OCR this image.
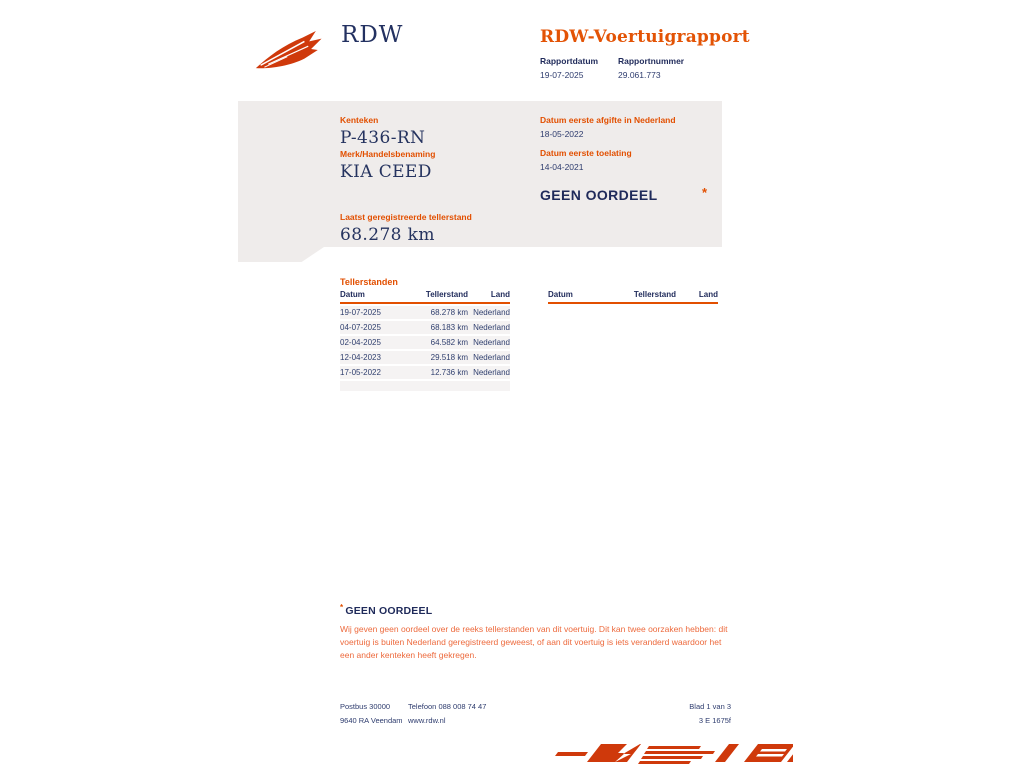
RDW	RDW-Voertuigrapport
Rapportdatum
19-07-2025
Rapportnummer
29.061.773
Kenteken
P-436-RN
Merk/Handelsbenaming
KIA CEED
Laatst geregistreerde tellerstand
68.278 km
Datum eerste afgifte in Nederland
18-05-2022
Datum eerste toelating
14-04-2021
GEEN OORDEEL	*
Tellerstanden
Datum	Tellerstand	Land
19-07-2025	68.278 km Nederland
04-07-2025	68.183 km Nederland
02-04-2025	64.582 km Nederland
12-04-2023	29.518 km Nederland
17-05-2022	12.736 km Nederland
Datum	Tellerstand	Land
* GEEN OORDEEL
Wij geven geen oordeel over de reeks tellerstanden van dit voertuig. Dit kan twee oorzaken hebben: dit voertuig is buiten Nederland geregistreerd geweest, of aan dit voertuig is iets veranderd waardoor het een ander kenteken heeft gekregen.
Postbus 30000
9640 RA Veendam
Telefoon 088 008 74 47
www.rdw.nl
Blad 1 van 3
3 E 1675f
